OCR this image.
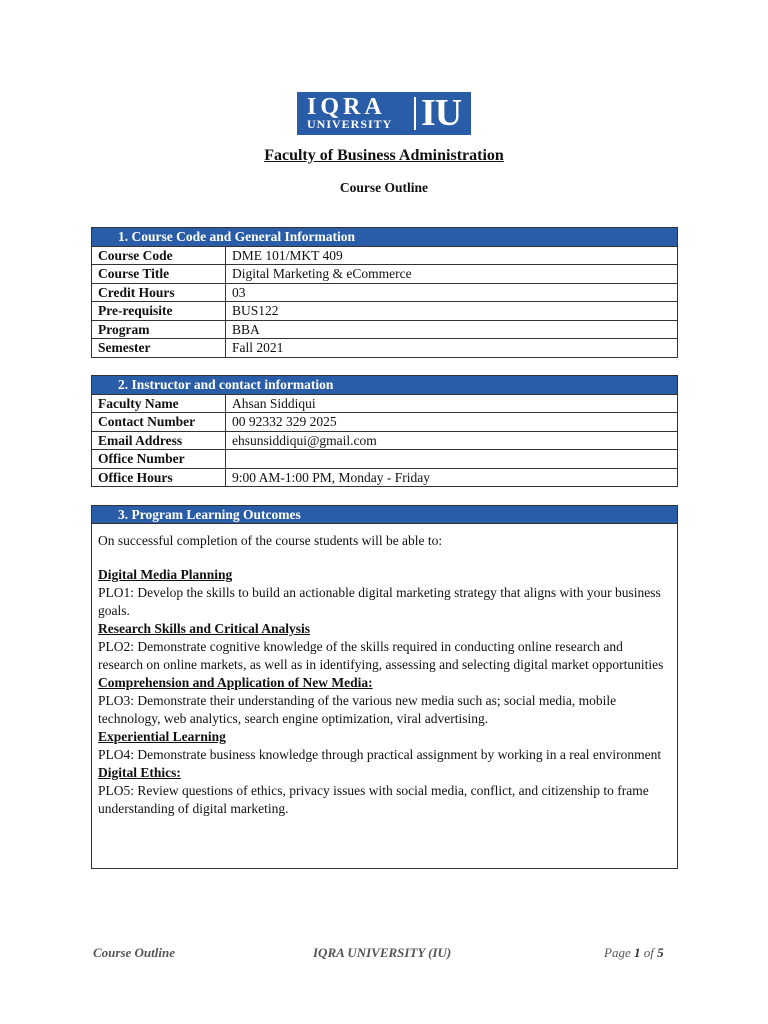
IQRA
UNIVERSITY IU
Faculty of Business Administration
Course Outline
1. Course Code and General Information	
Course Code	DME 101/MKT 409
Course Title	Digital Marketing & eCommerce
Credit Hours	03
Pre-requisite	BUS122
Program	BBA
Semester	Fall 2021
2. Instructor and contact information	
Faculty Name	Ahsan Siddiqui
Contact Number	00 92332 329 2025
Email Address	ehsunsiddiqui@gmail.com
Office Number	
Office Hours	9:00 AM-1:00 PM, Monday - Friday
3. Program Learning Outcomes

On successful completion of the course students will be able to:

Digital Media Planning

PLO1: Develop the skills to build an actionable digital marketing strategy that aligns with your business goals.

Research Skills and Critical Analysis

PLO2: Demonstrate cognitive knowledge of the skills required in conducting online research and research on online markets, as well as in identifying, assessing and selecting digital market opportunities

Comprehension and Application of New Media:

PLO3: Demonstrate their understanding of the various new media such as; social media, mobile technology, web analytics, search engine optimization, viral advertising.

Experiential Learning

PLO4: Demonstrate business knowledge through practical assignment by working in a real environment

Digital Ethics:

PLO5: Review questions of ethics, privacy issues with social media, conflict, and citizenship to frame understanding of digital marketing.

Course Outline	IQRA UNIVERSITY (IU)	Page 1 of 5
